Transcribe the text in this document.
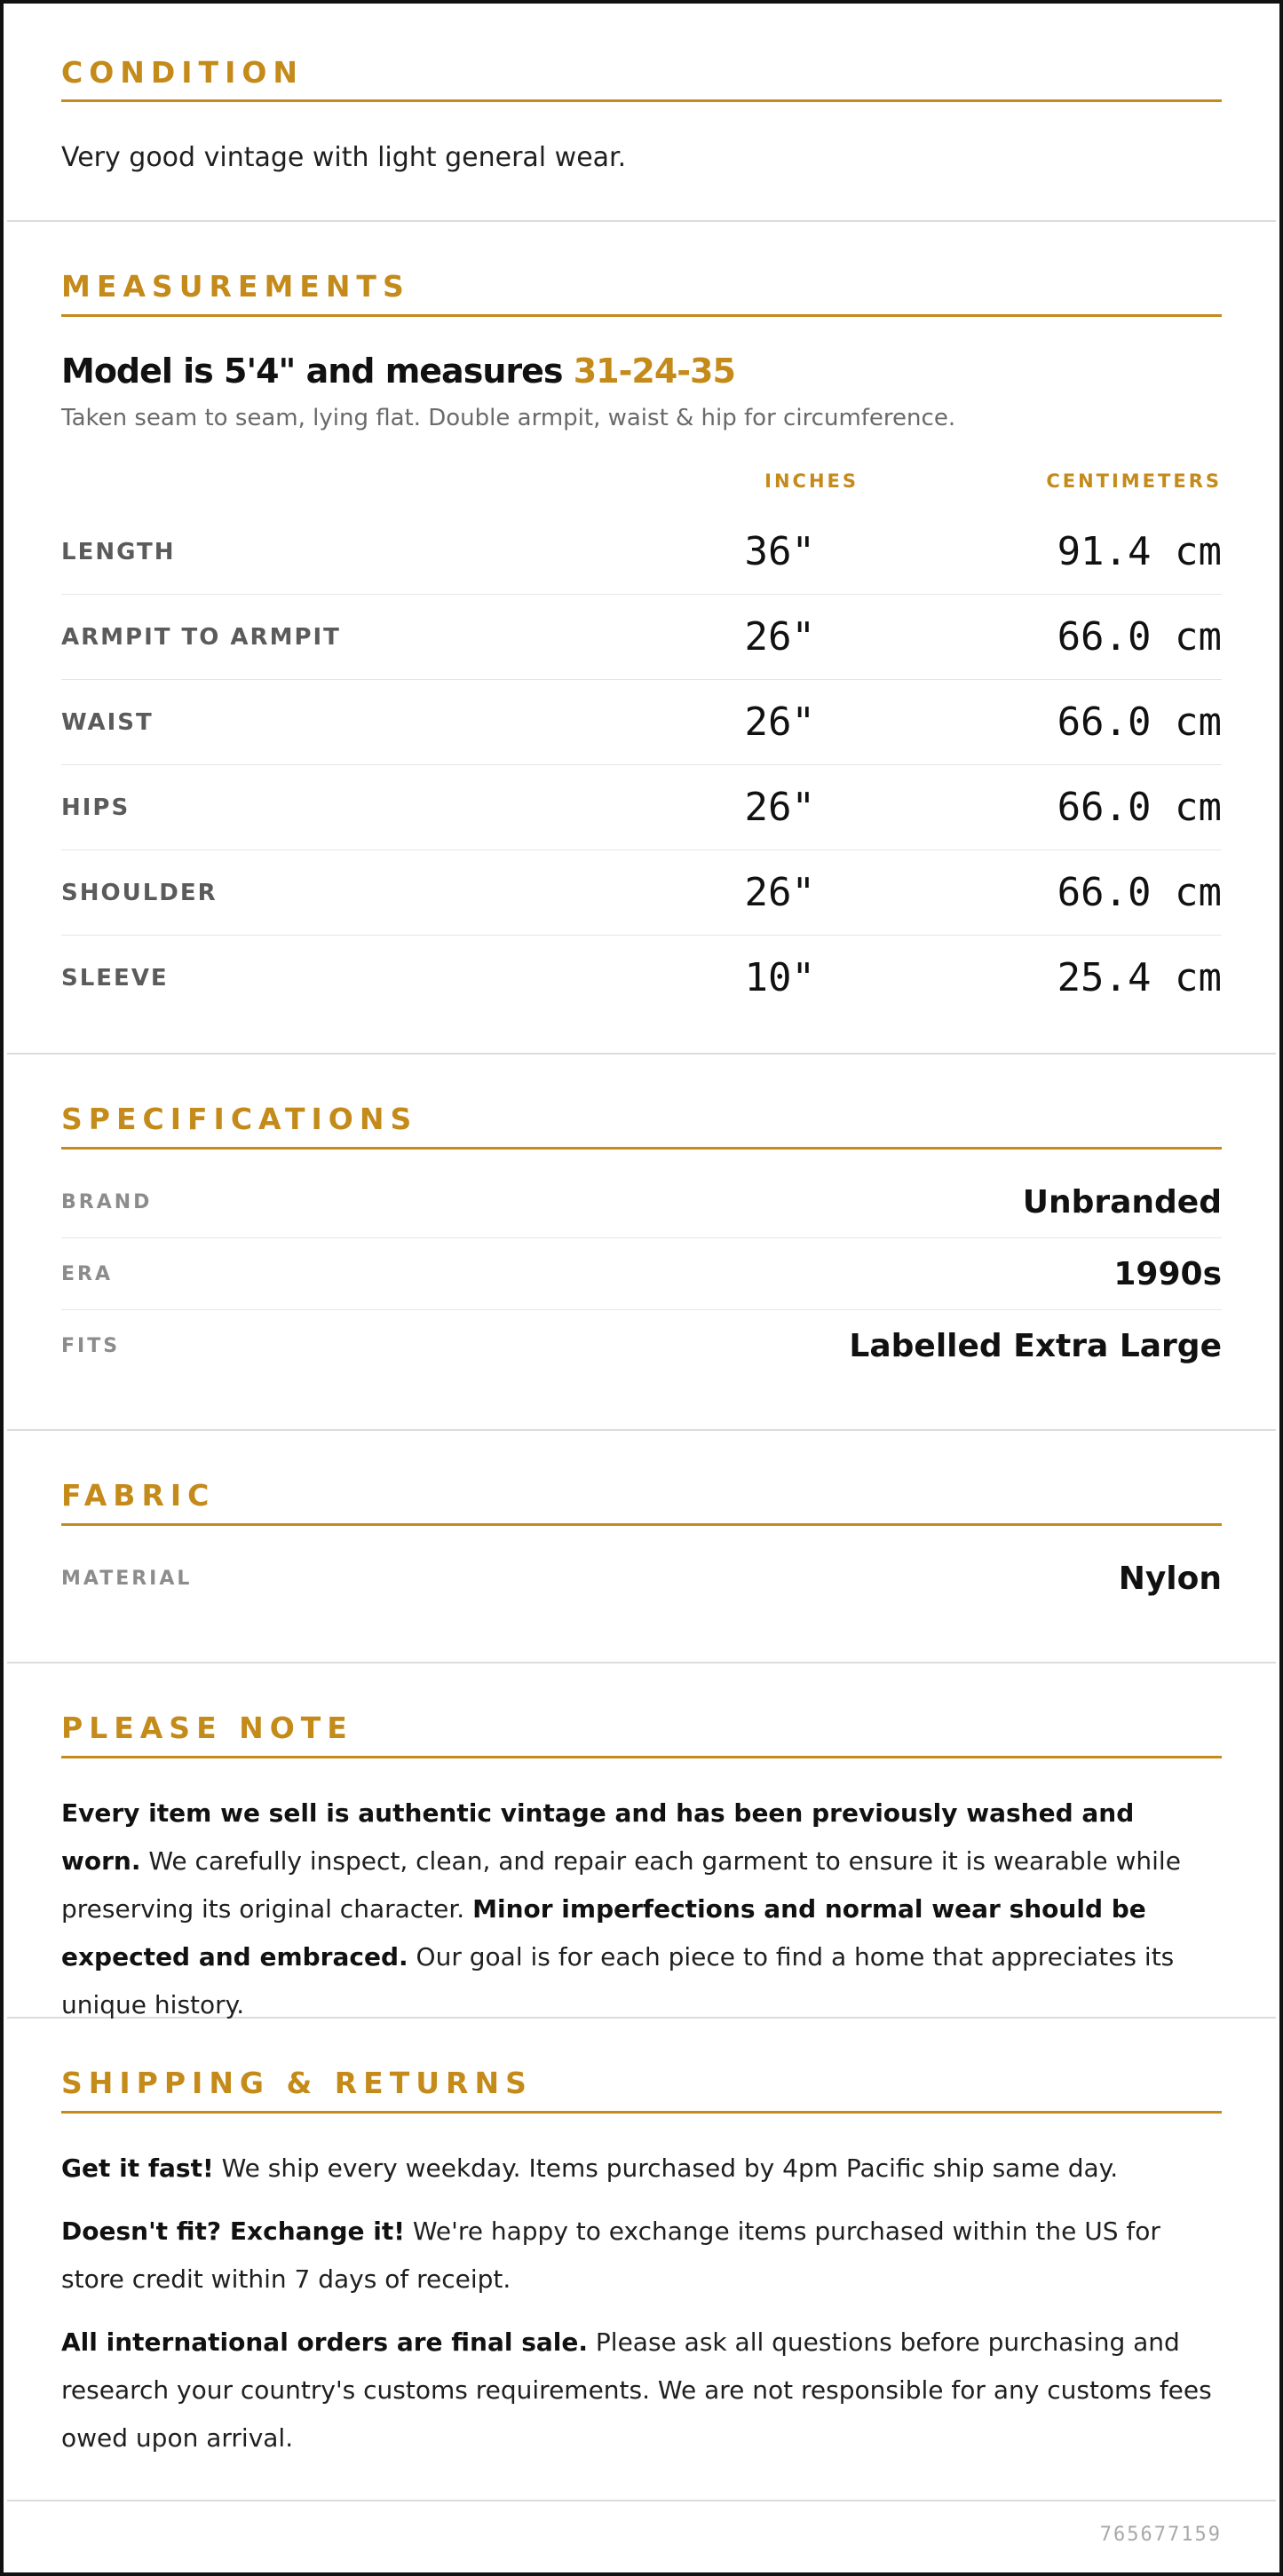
CONDITION
Very good vintage with light general wear.
MEASUREMENTS
Model is 5'4" and measures 31-24-35
Taken seam to seam, lying flat. Double armpit, waist & hip for circumference.
INCHES	CENTIMETERS
LENGTH	36"	91.4 cm
ARMPIT TO ARMPIT	26"	66.0 cm
WAIST	26"	66.0 cm
HIPS	26"	66.0 cm
SHOULDER	26"	66.0 cm
SLEEVE	10"	25.4 cm
SPECIFICATIONS
BRAND	Unbranded
ERA	1990s
FITS	Labelled Extra Large
FABRIC
MATERIAL	Nylon
PLEASE NOTE

Every item we sell is authentic vintage and has been previously washed and worn. We carefully inspect, clean, and repair each garment to ensure it is wearable while preserving its original character. Minor imperfections and normal wear should be expected and embraced. Our goal is for each piece to find a home that appreciates its unique history.

SHIPPING & RETURNS

Get it fast! We ship every weekday. Items purchased by 4pm Pacific ship same day.

Doesn't fit? Exchange it! We're happy to exchange items purchased within the US for store credit within 7 days of receipt.

All international orders are final sale. Please ask all questions before purchasing and research your country's customs requirements. We are not responsible for any customs fees owed upon arrival.

765677159
